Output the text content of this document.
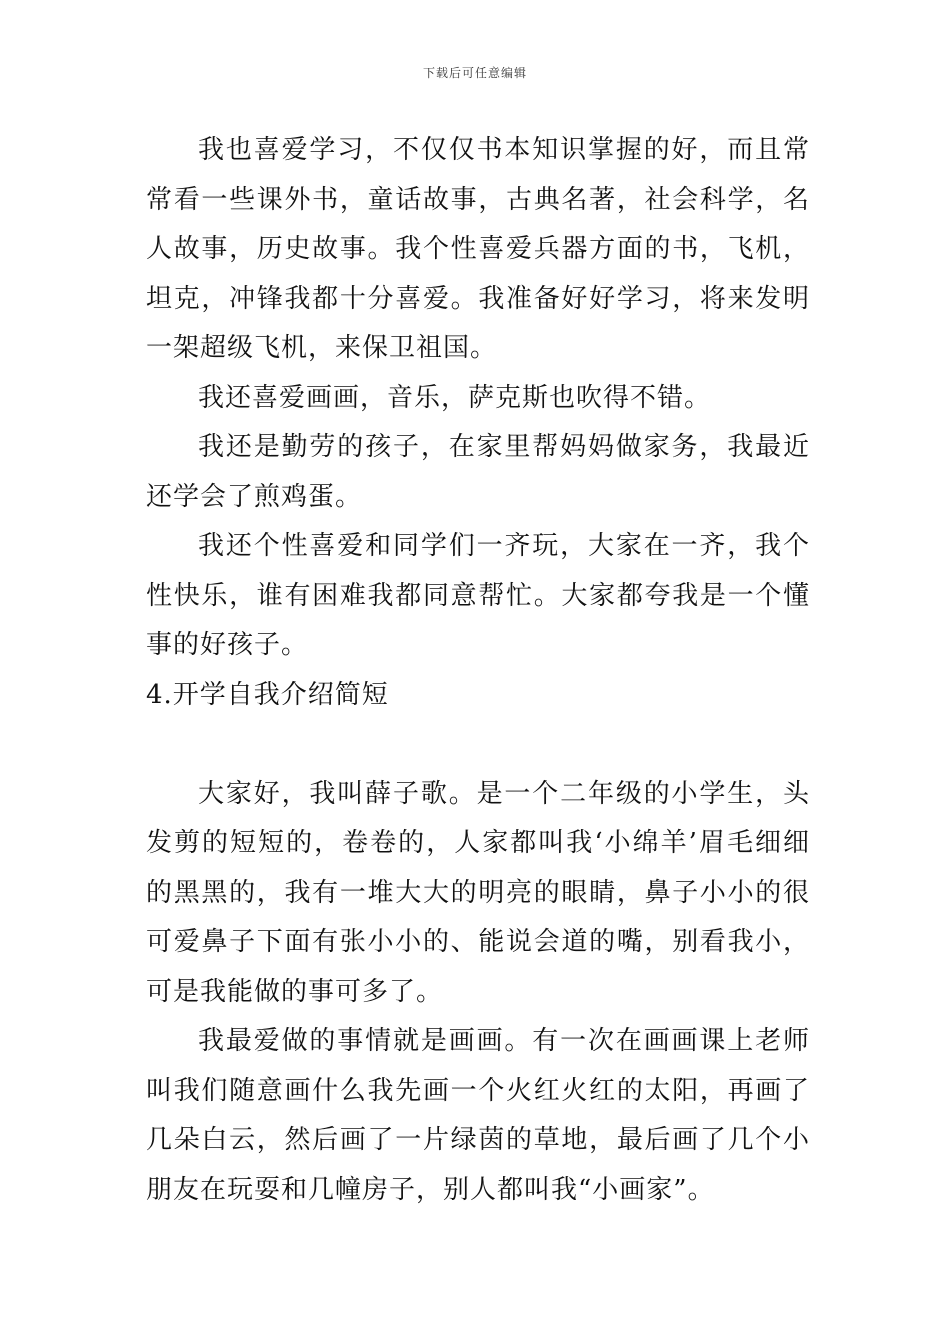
下载后可任意编辑

我也喜爱学习，不仅仅书本知识掌握的好，而且常常看一些课外书，童话故事，古典名著，社会科学，名人故事，历史故事。我个性喜爱兵器方面的书，飞机，坦克，冲锋我都十分喜爱。我准备好好学习，将来发明一架超级飞机，来保卫祖国。

我还喜爱画画，音乐，萨克斯也吹得不错。

我还是勤劳的孩子，在家里帮妈妈做家务，我最近还学会了煎鸡蛋。

我还个性喜爱和同学们一齐玩，大家在一齐，我个性快乐，谁有困难我都同意帮忙。大家都夸我是一个懂事的好孩子。

4.开学自我介绍简短

大家好，我叫薛子歌。是一个二年级的小学生，头发剪的短短的，卷卷的，人家都叫我‘小绵羊’眉毛细细的黑黑的，我有一堆大大的明亮的眼睛，鼻子小小的很可爱鼻子下面有张小小的、能说会道的嘴，别看我小，可是我能做的事可多了。

我最爱做的事情就是画画。有一次在画画课上老师叫我们随意画什么我先画一个火红火红的太阳，再画了几朵白云，然后画了一片绿茵的草地，最后画了几个小朋友在玩耍和几幢房子，别人都叫我“小画家”。
